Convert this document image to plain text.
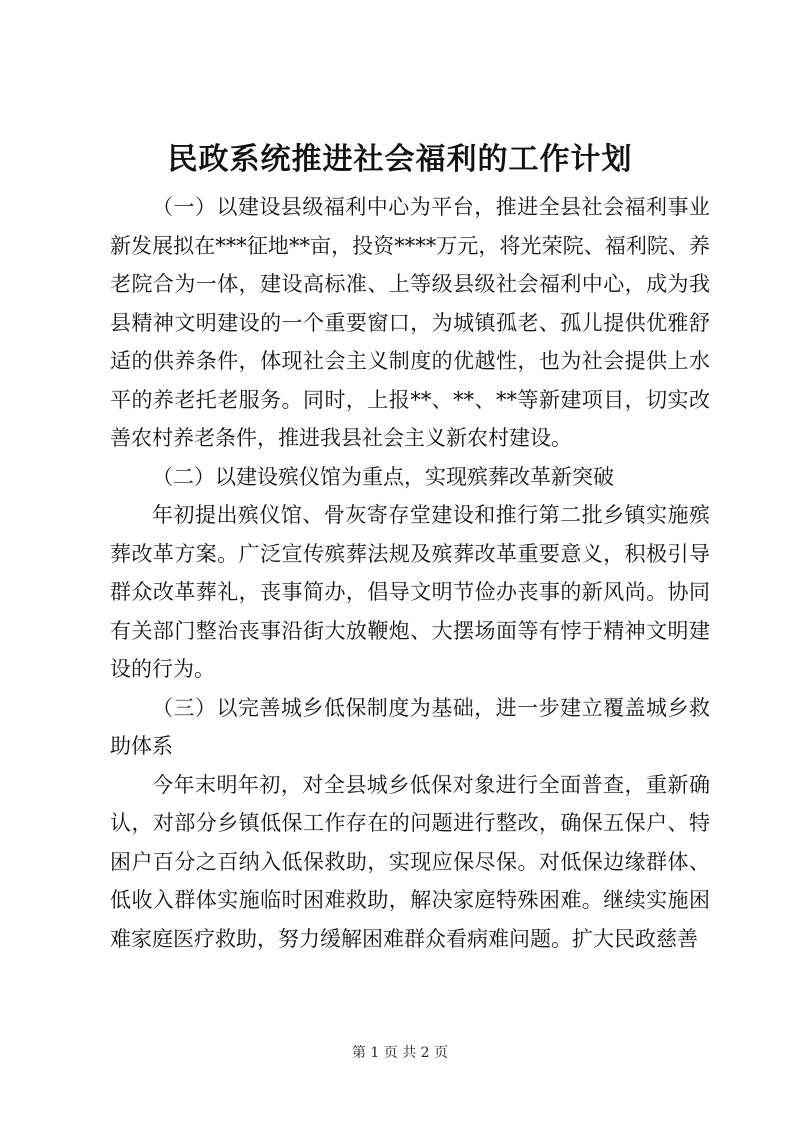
民政系统推进社会福利的工作计划

（一）以建设县级福利中心为平台，推进全县社会福利事业新发展拟在***征地**亩，投资****万元，将光荣院、福利院、养老院合为一体，建设高标准、上等级县级社会福利中心，成为我县精神文明建设的一个重要窗口，为城镇孤老、孤儿提供优雅舒适的供养条件，体现社会主义制度的优越性，也为社会提供上水平的养老托老服务。同时，上报**、**、**等新建项目，切实改善农村养老条件，推进我县社会主义新农村建设。

（二）以建设殡仪馆为重点，实现殡葬改革新突破

年初提出殡仪馆、骨灰寄存堂建设和推行第二批乡镇实施殡葬改革方案。广泛宣传殡葬法规及殡葬改革重要意义，积极引导群众改革葬礼，丧事简办，倡导文明节俭办丧事的新风尚。协同有关部门整治丧事沿街大放鞭炮、大摆场面等有悖于精神文明建设的行为。

（三）以完善城乡低保制度为基础，进一步建立覆盖城乡救助体系

今年末明年初，对全县城乡低保对象进行全面普查，重新确认，对部分乡镇低保工作存在的问题进行整改，确保五保户、特困户百分之百纳入低保救助，实现应保尽保。对低保边缘群体、低收入群体实施临时困难救助，解决家庭特殊困难。继续实施困难家庭医疗救助，努力缓解困难群众看病难问题。扩大民政慈善

第 1 页 共 2 页
